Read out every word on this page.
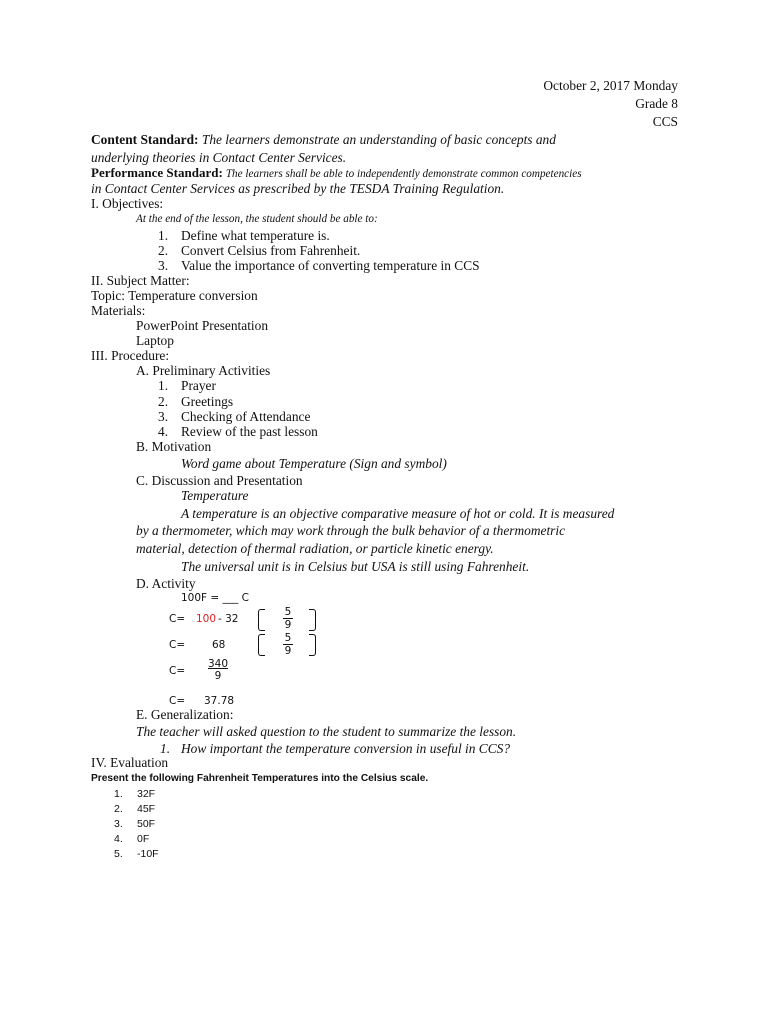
October 2, 2017 Monday
Grade 8
CCS
Content Standard: The learners demonstrate an understanding of basic concepts and
underlying theories in Contact Center Services.
Performance Standard: The learners shall be able to independently demonstrate common competencies
in Contact Center Services as prescribed by the TESDA Training Regulation.
I. Objectives:
At the end of the lesson, the student should be able to:
1. Define what temperature is.
2. Convert Celsius from Fahrenheit.
3. Value the importance of converting temperature in CCS
II. Subject Matter:
Topic: Temperature conversion
Materials:
PowerPoint Presentation
Laptop
III. Procedure:
A. Preliminary Activities
1. Prayer
2. Greetings
3. Checking of Attendance
4. Review of the past lesson
B. Motivation
Word game about Temperature (Sign and symbol)
C. Discussion and Presentation
Temperature
A temperature is an objective comparative measure of hot or cold. It is measured
by a thermometer, which may work through the bulk behavior of a thermometric
material, detection of thermal radiation, or particle kinetic energy.
The universal unit is in Celsius but USA is still using Fahrenheit.
D. Activity
100F = ___ C
C= 100 - 32
5
9
C=	68
5
9
$C= \frac{340}{9}$
C= 37.78
E. Generalization:
The teacher will asked question to the student to summarize the lesson.
1. How important the temperature conversion in useful in CCS?
IV. Evaluation
Present the following Fahrenheit Temperatures into the Celsius scale.
1. 32F
2. 45F
3. 50F
4. 0F
5. -10F
